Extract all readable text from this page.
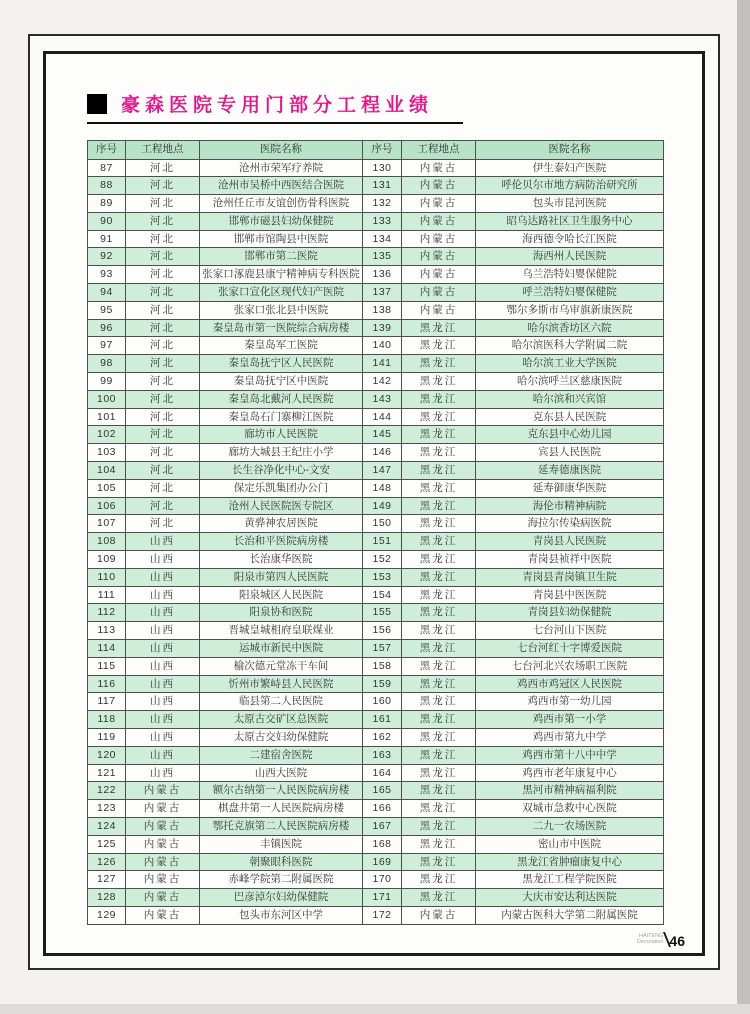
豪森医院专用门部分工程业绩
序号	工程地点	医院名称	序号	工程地点	医院名称
87	河北	沧州市荣军疗养院	130	内蒙古	伊生泰妇产医院
88	河北	沧州市吴桥中西医结合医院	131	内蒙古	呼伦贝尔市地方病防治研究所
89	河北	沧州任丘市友谊创伤骨科医院	132	内蒙古	包头市昆河医院
90	河北	邯郸市磁县妇幼保健院	133	内蒙古	昭乌达路社区卫生服务中心
91	河北	邯郸市馆陶县中医院	134	内蒙古	海西德令哈长江医院
92	河北	邯郸市第二医院	135	内蒙古	海西州人民医院
93	河北	张家口涿鹿县康宁精神病专科医院	136	内蒙古	乌兰浩特妇婴保健院
94	河北	张家口宣化区现代妇产医院	137	内蒙古	呼兰浩特妇婴保健院
95	河北	张家口张北县中医院	138	内蒙古	鄂尔多斯市乌审旗新康医院
96	河北	秦皇岛市第一医院综合病房楼	139	黑龙江	哈尔滨香坊区六院
97	河北	秦皇岛军工医院	140	黑龙江	哈尔滨医科大学附属二院
98	河北	秦皇岛抚宁区人民医院	141	黑龙江	哈尔滨工业大学医院
99	河北	秦皇岛抚宁区中医院	142	黑龙江	哈尔滨呼兰区慈康医院
100	河北	秦皇岛北戴河人民医院	143	黑龙江	哈尔滨和兴宾馆
101	河北	秦皇岛石门寨柳江医院	144	黑龙江	克东县人民医院
102	河北	廊坊市人民医院	145	黑龙江	克东县中心幼儿园
103	河北	廊坊大城县王纪庄小学	146	黑龙江	宾县人民医院
104	河北	长生谷净化中心-文安	147	黑龙江	延寿德康医院
105	河北	保定乐凯集团办公门	148	黑龙江	延寿御康华医院
106	河北	沧州人民医院医专院区	149	黑龙江	海伦市精神病院
107	河北	黄骅神农居医院	150	黑龙江	海拉尔传染病医院
108	山西	长治和平医院病房楼	151	黑龙江	青岗县人民医院
109	山西	长治康华医院	152	黑龙江	青岗县祯祥中医院
110	山西	阳泉市第四人民医院	153	黑龙江	青岗县青岗镇卫生院
111	山西	阳泉城区人民医院	154	黑龙江	青岗县中医医院
112	山西	阳泉协和医院	155	黑龙江	青岗县妇幼保健院
113	山西	晋城皇城相府皇联煤业	156	黑龙江	七台河山下医院
114	山西	运城市新民中医院	157	黑龙江	七台河红十字博爱医院
115	山西	榆次德元堂冻干车间	158	黑龙江	七台河北兴农场职工医院
116	山西	忻州市繁峙县人民医院	159	黑龙江	鸡西市鸡冠区人民医院
117	山西	临县第二人民医院	160	黑龙江	鸡西市第一幼儿园
118	山西	太原古交矿区总医院	161	黑龙江	鸡西市第一小学
119	山西	太原古交妇幼保健院	162	黑龙江	鸡西市第九中学
120	山西	二建宿舍医院	163	黑龙江	鸡西市第十八中中学
121	山西	山西大医院	164	黑龙江	鸡西市老年康复中心
122	内蒙古	额尔古纳第一人民医院病房楼	165	黑龙江	黑河市精神病福利院
123	内蒙古	棋盘井第一人民医院病房楼	166	黑龙江	双城市急救中心医院
124	内蒙古	鄂托克旗第二人民医院病房楼	167	黑龙江	二九一农场医院
125	内蒙古	丰镇医院	168	黑龙江	密山市中医院
126	内蒙古	朝聚眼科医院	169	黑龙江	黑龙江省肿瘤康复中心
127	内蒙古	赤峰学院第二附属医院	170	黑龙江	黑龙江工程学院医院
128	内蒙古	巴彦淖尔妇幼保健院	171	黑龙江	大庆市安达利达医院
129	内蒙古	包头市东河区中学	172	内蒙古	内蒙古医科大学第二附属医院
HAITENG
Decoration 46
